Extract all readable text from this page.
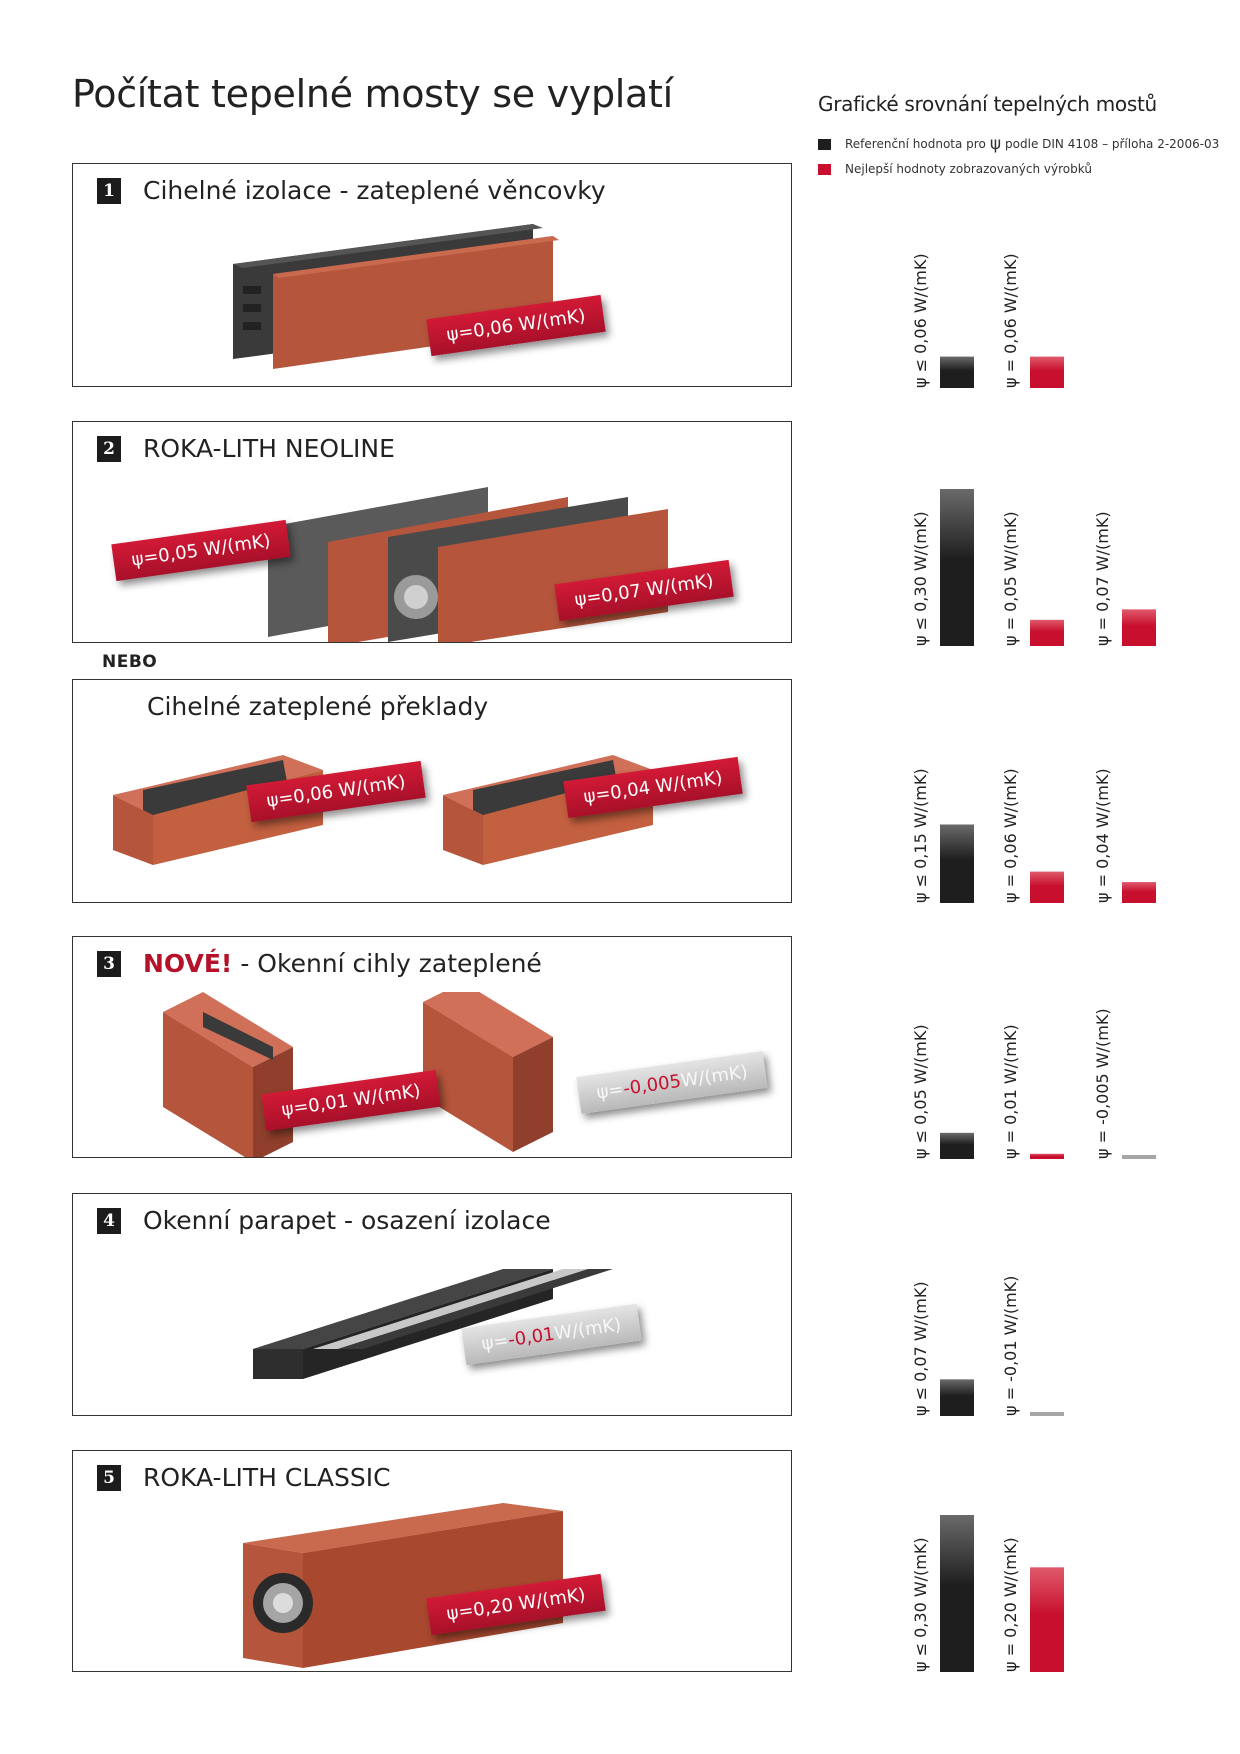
Počítat tepelné mosty se vyplatí	Grafické srovnání tepelných mostů
Referenční hodnota pro ψ podle DIN 4108 – příloha 2-2006-03
Nejlepší hodnoty zobrazovaných výrobků
1 Cihelné izolace - zateplené věncovky
ψ=0,06 W/(mK)
2 ROKA-LITH NEOLINE
ψ=0,05 W/(mK)
ψ=0,07 W/(mK)
NEBO
Cihelné zateplené překlady
ψ=0,06 W/(mK)	ψ=0,04 W/(mK)
3 NOVÉ! - Okenní cihly zateplené
ψ=0,01 W/(mK)	ψ=-0,005W/(mK)
4 Okenní parapet - osazení izolace
ψ=-0,01W/(mK)
5 ROKA-LITH CLASSIC
ψ=0,20 W/(mK)
ψ ≤ 0,06 W/(mK)	ψ = 0,06 W/(mK)
ψ ≤ 0,30 W/(mK)	ψ = 0,05 W/(mK)	ψ = 0,07 W/(mK)
ψ ≤ 0,15 W/(mK)	ψ = 0,06 W/(mK)	ψ = 0,04 W/(mK)
ψ ≤ 0,05 W/(mK)	ψ = 0,01 W/(mK)	ψ = -0,005 W/(mK)
ψ ≤ 0,07 W/(mK)	ψ = -0,01 W/(mK)
ψ ≤ 0,30 W/(mK)	ψ = 0,20 W/(mK)
